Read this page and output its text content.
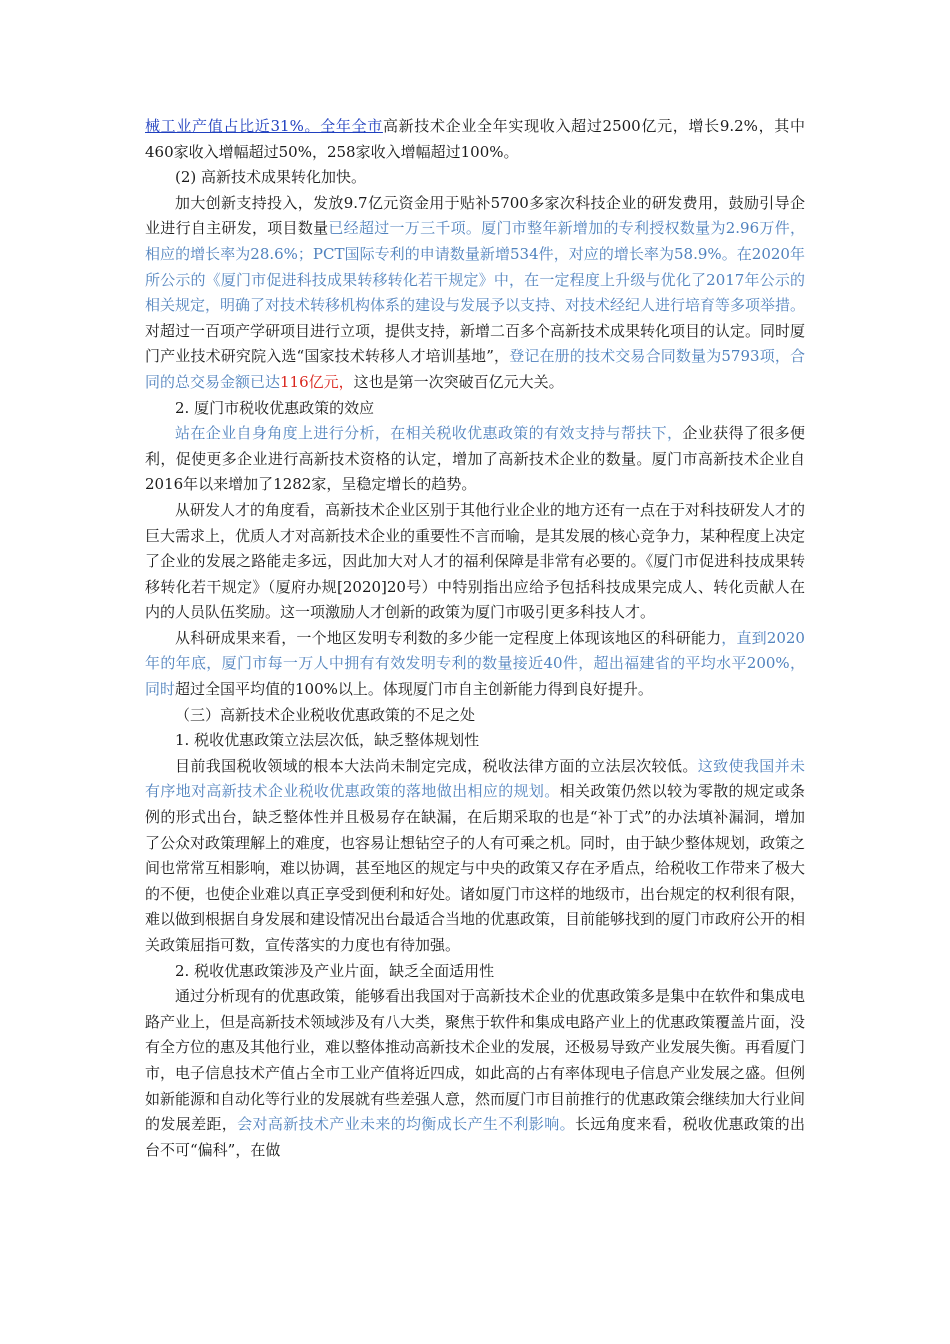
械工业产值占比近31%。全年全市高新技术企业全年实现收入超过2500亿元，增长9.2%，其中460家收入增幅超过50%，258家收入增幅超过100%。

(2) 高新技术成果转化加快。

加大创新支持投入，发放9.7亿元资金用于贴补5700多家次科技企业的研发费用，鼓励引导企业进行自主研发，项目数量已经超过一万三千项。厦门市整年新增加的专利授权数量为2.96万件，相应的增长率为28.6%；PCT国际专利的申请数量新增534件，对应的增长率为58.9%。在2020年所公示的《厦门市促进科技成果转移转化若干规定》中，在一定程度上升级与优化了2017年公示的相关规定，明确了对技术转移机构体系的建设与发展予以支持、对技术经纪人进行培育等多项举措。对超过一百项产学研项目进行立项，提供支持，新增二百多个高新技术成果转化项目的认定。同时厦门产业技术研究院入选“国家技术转移人才培训基地”，登记在册的技术交易合同数量为5793项，合同的总交易金额已达116亿元，这也是第一次突破百亿元大关。

2. 厦门市税收优惠政策的效应

站在企业自身角度上进行分析，在相关税收优惠政策的有效支持与帮扶下，企业获得了很多便利，促使更多企业进行高新技术资格的认定，增加了高新技术企业的数量。厦门市高新技术企业自2016年以来增加了1282家，呈稳定增长的趋势。

从研发人才的角度看，高新技术企业区别于其他行业企业的地方还有一点在于对科技研发人才的巨大需求上，优质人才对高新技术企业的重要性不言而喻，是其发展的核心竞争力，某种程度上决定了企业的发展之路能走多远，因此加大对人才的福利保障是非常有必要的。《厦门市促进科技成果转移转化若干规定》（厦府办规[2020]20号）中特别指出应给予包括科技成果完成人、转化贡献人在内的人员队伍奖励。这一项激励人才创新的政策为厦门市吸引更多科技人才。

从科研成果来看，一个地区发明专利数的多少能一定程度上体现该地区的科研能力，直到2020年的年底，厦门市每一万人中拥有有效发明专利的数量接近40件，超出福建省的平均水平200%，同时超过全国平均值的100%以上。体现厦门市自主创新能力得到良好提升。

（三）高新技术企业税收优惠政策的不足之处

1. 税收优惠政策立法层次低，缺乏整体规划性

目前我国税收领域的根本大法尚未制定完成，税收法律方面的立法层次较低。这致使我国并未有序地对高新技术企业税收优惠政策的落地做出相应的规划。相关政策仍然以较为零散的规定或条例的形式出台，缺乏整体性并且极易存在缺漏，在后期采取的也是“补丁式”的办法填补漏洞，增加了公众对政策理解上的难度，也容易让想钻空子的人有可乘之机。同时，由于缺少整体规划，政策之间也常常互相影响，难以协调，甚至地区的规定与中央的政策又存在矛盾点，给税收工作带来了极大的不便，也使企业难以真正享受到便利和好处。诸如厦门市这样的地级市，出台规定的权利很有限，难以做到根据自身发展和建设情况出台最适合当地的优惠政策，目前能够找到的厦门市政府公开的相关政策屈指可数，宣传落实的力度也有待加强。

2. 税收优惠政策涉及产业片面，缺乏全面适用性

通过分析现有的优惠政策，能够看出我国对于高新技术企业的优惠政策多是集中在软件和集成电路产业上，但是高新技术领域涉及有八大类，聚焦于软件和集成电路产业上的优惠政策覆盖片面，没有全方位的惠及其他行业，难以整体推动高新技术企业的发展，还极易导致产业发展失衡。再看厦门市，电子信息技术产值占全市工业产值将近四成，如此高的占有率体现电子信息产业发展之盛。但例如新能源和自动化等行业的发展就有些差强人意，然而厦门市目前推行的优惠政策会继续加大行业间的发展差距，会对高新技术产业未来的均衡成长产生不利影响。长远角度来看，税收优惠政策的出台不可“偏科”，在做
